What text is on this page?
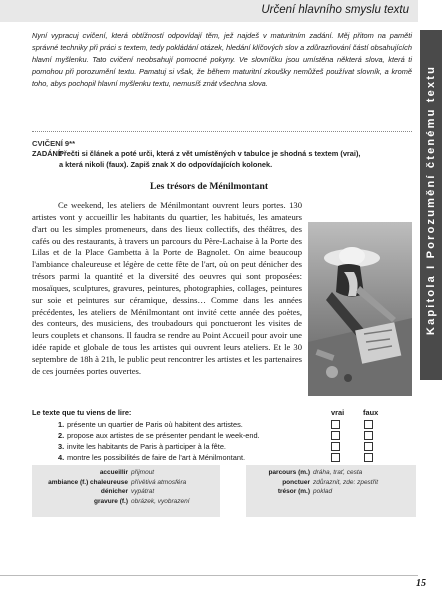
Určení hlavního smyslu textu
Kapitola I Porozumění čtenému textu
Nyní vypracuj cvičení, která obtížností odpovídají těm, jež najdeš v maturitním zadání. Měj přitom na paměti správné techniky při práci s textem, tedy pokládání otázek, hledání klíčových slov a zdůrazňování částí obsahujících hlavní myšlenku. Tato cvičení neobsahují pomocné pokyny. Ve slovníčku jsou umístěna některá slova, která ti pomohou při porozumění textu. Pamatuj si však, že během maturitní zkoušky nemůžeš používat slovník, a kromě toho, abys pochopil hlavní myšlenku textu, nemusíš znát všechna slova.
CVIČENÍ 9**
ZADÁNÍ:Přečti si článek a poté urči, která z vět umístěných v tabulce je shodná s textem (vrai),
a která nikoli (faux). Zapiš znak X do odpovídajících kolonek.
Les trésors de Ménilmontant

Ce weekend, les ateliers de Ménilmontant ouvrent leurs portes. 130 artistes vont y accueillir les habitants du quartier, les habitués, les amateurs d'art ou les simples promeneurs, dans des lieux collectifs, des théâtres, des cafés ou des restaurants, à travers un parcours du Père-Lachaise à la Porte des Lilas et de la Place Gambetta à la Porte de Bagnolet. On aime beaucoup l'ambiance chaleureuse et légère de cette fête de l'art, où on peut dénicher des trésors parmi la quantité et la diversité des oeuvres qui sont proposées: mosaïques, sculptures, gravures, peintures, photographies, collages, peintures sur soie et peintures sur céramique, dessins… Comme dans les années précédentes, les ateliers de Ménilmontant ont invité cette année des poètes, des conteurs, des musiciens, des troubadours qui ponctueront les visites de leurs couplets et chansons. Il faudra se rendre au Point Accueil pour avoir une idée rapide et globale de tous les artistes qui ouvrent leurs ateliers. Et le 30 septembre de 18h à 21h, le public peut rencontrer les artistes et les partenaires de ces journées portes ouvertes.

Le texte que tu viens de lire:	vrai	faux
1. présente un quartier de Paris où habitent des artistes.
2. propose aux artistes de se présenter pendant le week-end.
3. invite les habitants de Paris à participer à la fête.
4. montre les possibilités de faire de l'art à Ménilmontant.
accueillir přijmout
ambiance (f.) chaleureuse přívětivá atmosféra
dénicher vypátrat
gravure (f.) obrázek, vyobrazení
parcours (m.) dráha, trať, cesta
ponctuer zdůraznit, zde: zpestřit
trésor (m.) poklad
15
